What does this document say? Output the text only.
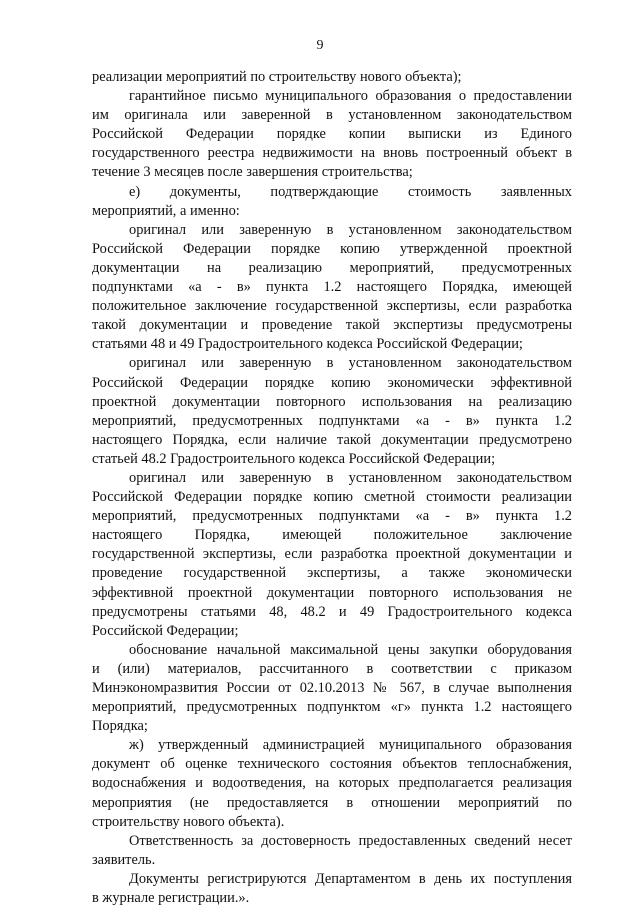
9
реализации мероприятий по строительству нового объекта);
гарантийное письмо муниципального образования о предоставлении
им оригинала или заверенной в установленном законодательством
Российской Федерации порядке копии выписки из Единого
государственного реестра недвижимости на вновь построенный объект в
течение 3 месяцев после завершения строительства;
е) документы, подтверждающие стоимость заявленных
мероприятий, а именно:
оригинал или заверенную в установленном законодательством
Российской Федерации порядке копию утвержденной проектной
документации на реализацию мероприятий, предусмотренных
подпунктами «а - в» пункта 1.2 настоящего Порядка, имеющей
положительное заключение государственной экспертизы, если разработка
такой документации и проведение такой экспертизы предусмотрены
статьями 48 и 49 Градостроительного кодекса Российской Федерации;
оригинал или заверенную в установленном законодательством
Российской Федерации порядке копию экономически эффективной
проектной документации повторного использования на реализацию
мероприятий, предусмотренных подпунктами «а - в» пункта 1.2
настоящего Порядка, если наличие такой документации предусмотрено
статьей 48.2 Градостроительного кодекса Российской Федерации;
оригинал или заверенную в установленном законодательством
Российской Федерации порядке копию сметной стоимости реализации
мероприятий, предусмотренных подпунктами «а - в» пункта 1.2
настоящего Порядка, имеющей положительное заключение
государственной экспертизы, если разработка проектной документации и
проведение государственной экспертизы, а также экономически
эффективной проектной документации повторного использования не
предусмотрены статьями 48, 48.2 и 49 Градостроительного кодекса
Российской Федерации;
обоснование начальной максимальной цены закупки оборудования
и (или) материалов, рассчитанного в соответствии с приказом
Минэкономразвития России от 02.10.2013 № 567, в случае выполнения
мероприятий, предусмотренных подпунктом «г» пункта 1.2 настоящего
Порядка;
ж) утвержденный администрацией муниципального образования
документ об оценке технического состояния объектов теплоснабжения,
водоснабжения и водоотведения, на которых предполагается реализация
мероприятия (не предоставляется в отношении мероприятий по
строительству нового объекта).
Ответственность за достоверность предоставленных сведений несет
заявитель.
Документы регистрируются Департаментом в день их поступления
в журнале регистрации.».
